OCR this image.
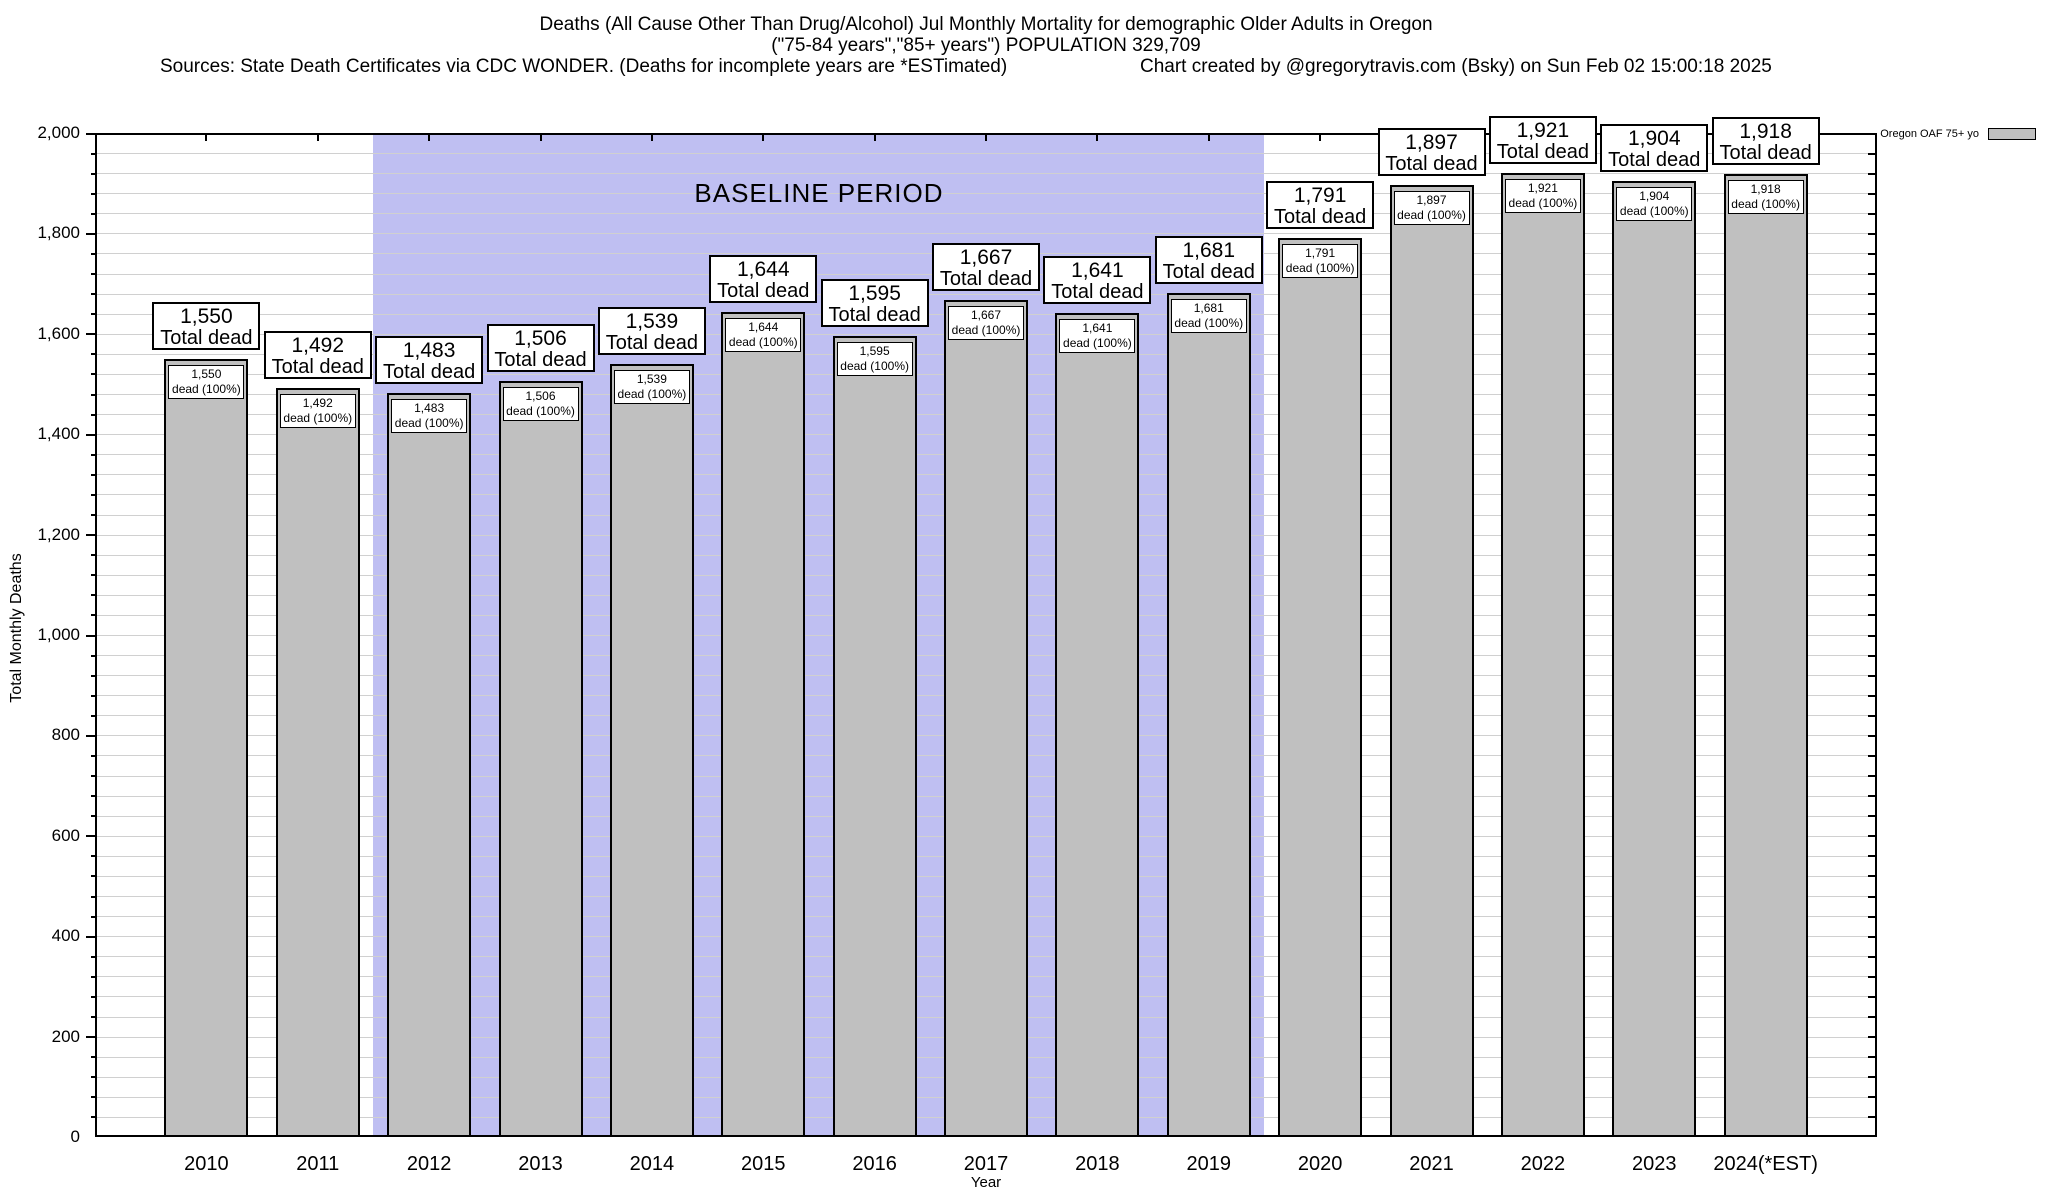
Deaths (All Cause Other Than Drug/Alcohol) Jul Monthly Mortality for demographic Older Adults in Oregon
("75-84 years","85+ years") POPULATION 329,709
Sources: State Death Certificates via CDC WONDER. (Deaths for incomplete years are *ESTimated)	Chart created by @gregorytravis.com (Bsky) on Sun Feb 02 15:00:18 2025
Oregon OAF 75+ yo
Total Monthly Deaths
Year
BASELINE PERIOD
0
200
400
600
800
1,000
1,200
1,400
1,600
1,800
2,000
1,550
dead (100%)
1,550
Total dead
2010
1,492
dead (100%)
1,492
Total dead
2011
1,483
dead (100%)
1,483
Total dead
2012
1,506
dead (100%)
1,506
Total dead
2013
1,539
dead (100%)
1,539
Total dead
2014
1,644
dead (100%)
1,644
Total dead
2015
1,595
dead (100%)
1,595
Total dead
2016
1,667
dead (100%)
1,667
Total dead
2017
1,641
dead (100%)
1,641
Total dead
2018
1,681
dead (100%)
1,681
Total dead
2019
1,791
dead (100%)
1,791
Total dead
2020
1,897
dead (100%)
1,897
Total dead
2021
1,921
dead (100%)
1,921
Total dead
2022
1,904
dead (100%)
1,904
Total dead
2023
1,918
dead (100%)
1,918
Total dead
2024(*EST)
